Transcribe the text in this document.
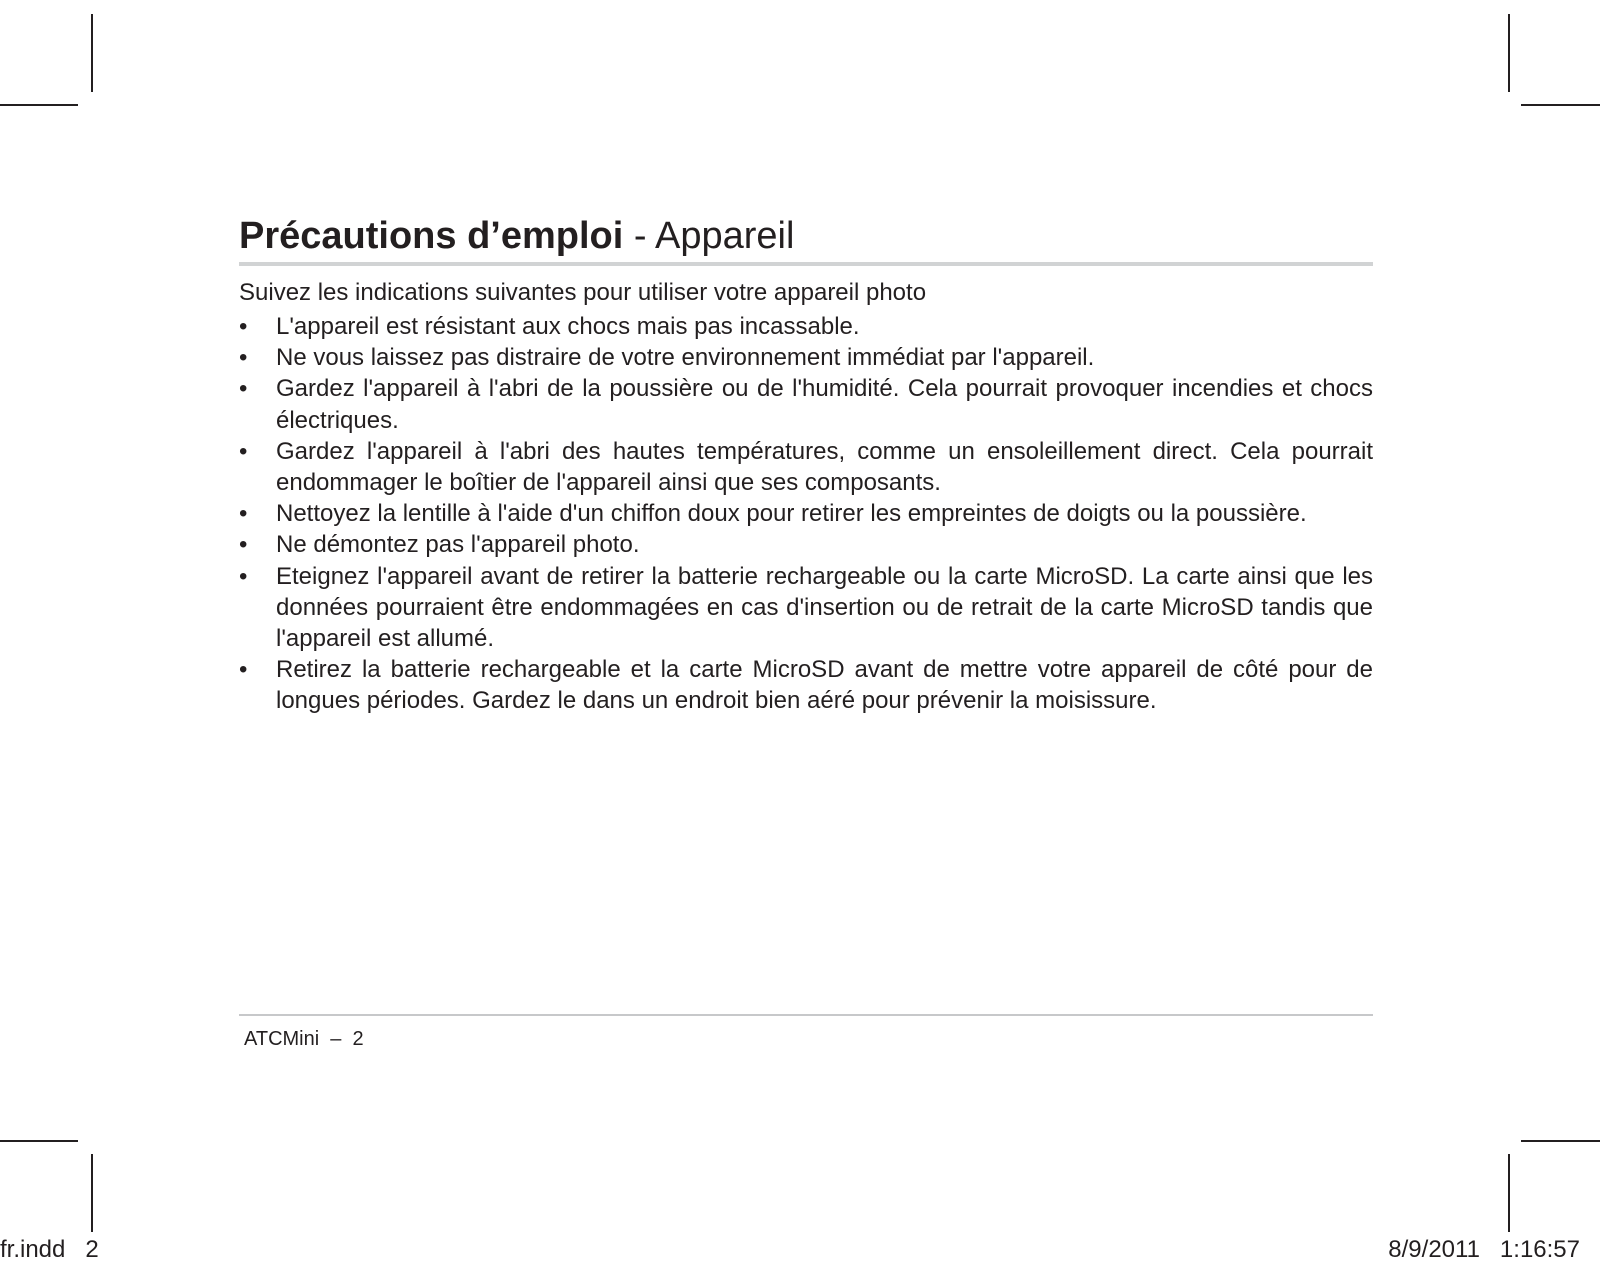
Précautions d’emploi - Appareil

Suivez les indications suivantes pour utiliser votre appareil photo

• L'appareil est résistant aux chocs mais pas incassable.
• Ne vous laissez pas distraire de votre environnement immédiat par l'appareil.
• Gardez l'appareil à l'abri de la poussière ou de l'humidité. Cela pourrait provoquer incendies et chocs électriques.
• Gardez l'appareil à l'abri des hautes températures, comme un ensoleillement direct. Cela pourrait endommager le boîtier de l'appareil ainsi que ses composants.
• Nettoyez la lentille à l'aide d'un chiffon doux pour retirer les empreintes de doigts ou la poussière.
• Ne démontez pas l'appareil photo.
• Eteignez l'appareil avant de retirer la batterie rechargeable ou la carte MicroSD. La carte ainsi que les données pourraient être endommagées en cas d'insertion ou de retrait de la carte MicroSD tandis que l'appareil est allumé.
• Retirez la batterie rechargeable et la carte MicroSD avant de mettre votre appareil de côté pour de longues périodes. Gardez le dans un endroit bien aéré pour prévenir la moisissure.
ATCMini  –  2
fr.indd   2	8/9/2011   1:16:57
